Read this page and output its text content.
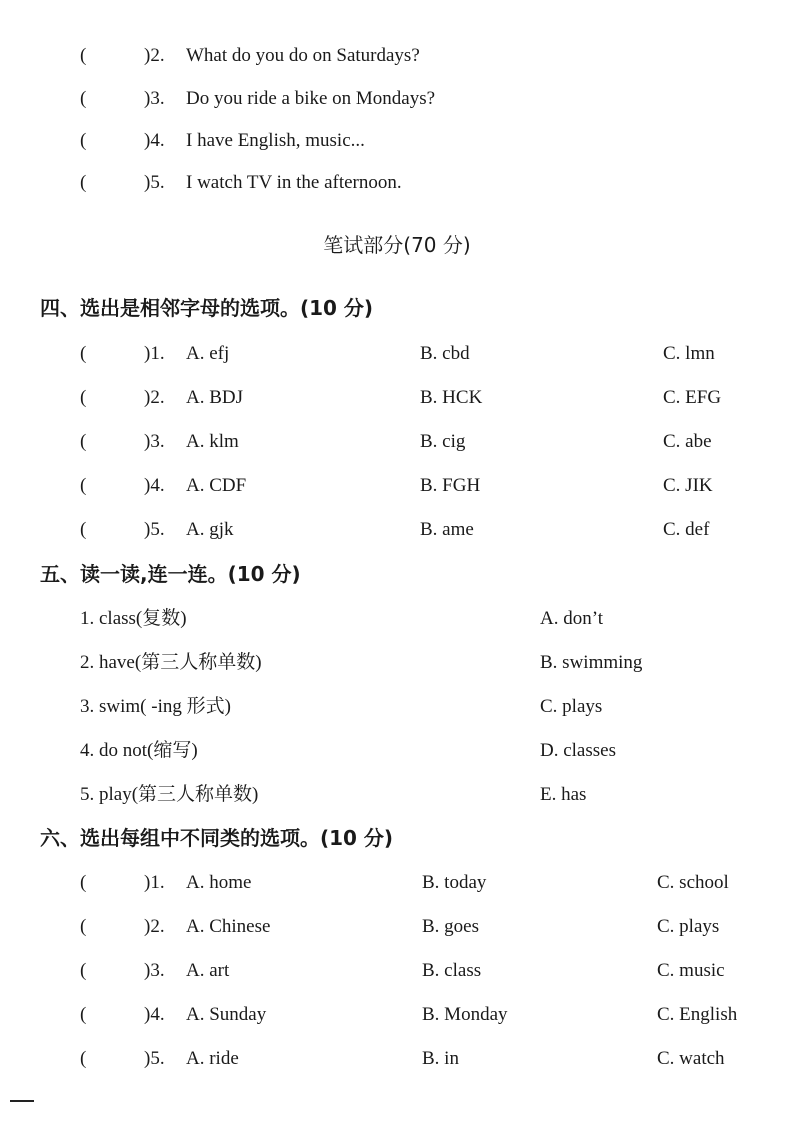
(	)2. What do you do on Saturdays?
(	)3. Do you ride a bike on Mondays?
(	)4. I have English, music...
(	)5. I watch TV in the afternoon.
笔试部分(70 分)
四、选出是相邻字母的选项。(10 分)
(	)1. A. efj	B. cbd	C. lmn
(	)2. A. BDJ	B. HCK	C. EFG
(	)3. A. klm	B. cig	C. abe
(	)4. A. CDF	B. FGH	C. JIK
(	)5. A. gjk	B. ame	C. def
五、读一读,连一连。(10 分)
1. class(复数)	A. don’t
2. have(第三人称单数)	B. swimming
3. swim( -ing 形式)	C. plays
4. do not(缩写)	D. classes
5. play(第三人称单数)	E. has
六、选出每组中不同类的选项。(10 分)
(	)1. A. home	B. today	C. school
(	)2. A. Chinese	B. goes	C. plays
(	)3. A. art	B. class	C. music
(	)4. A. Sunday	B. Monday	C. English
(	)5. A. ride	B. in	C. watch
